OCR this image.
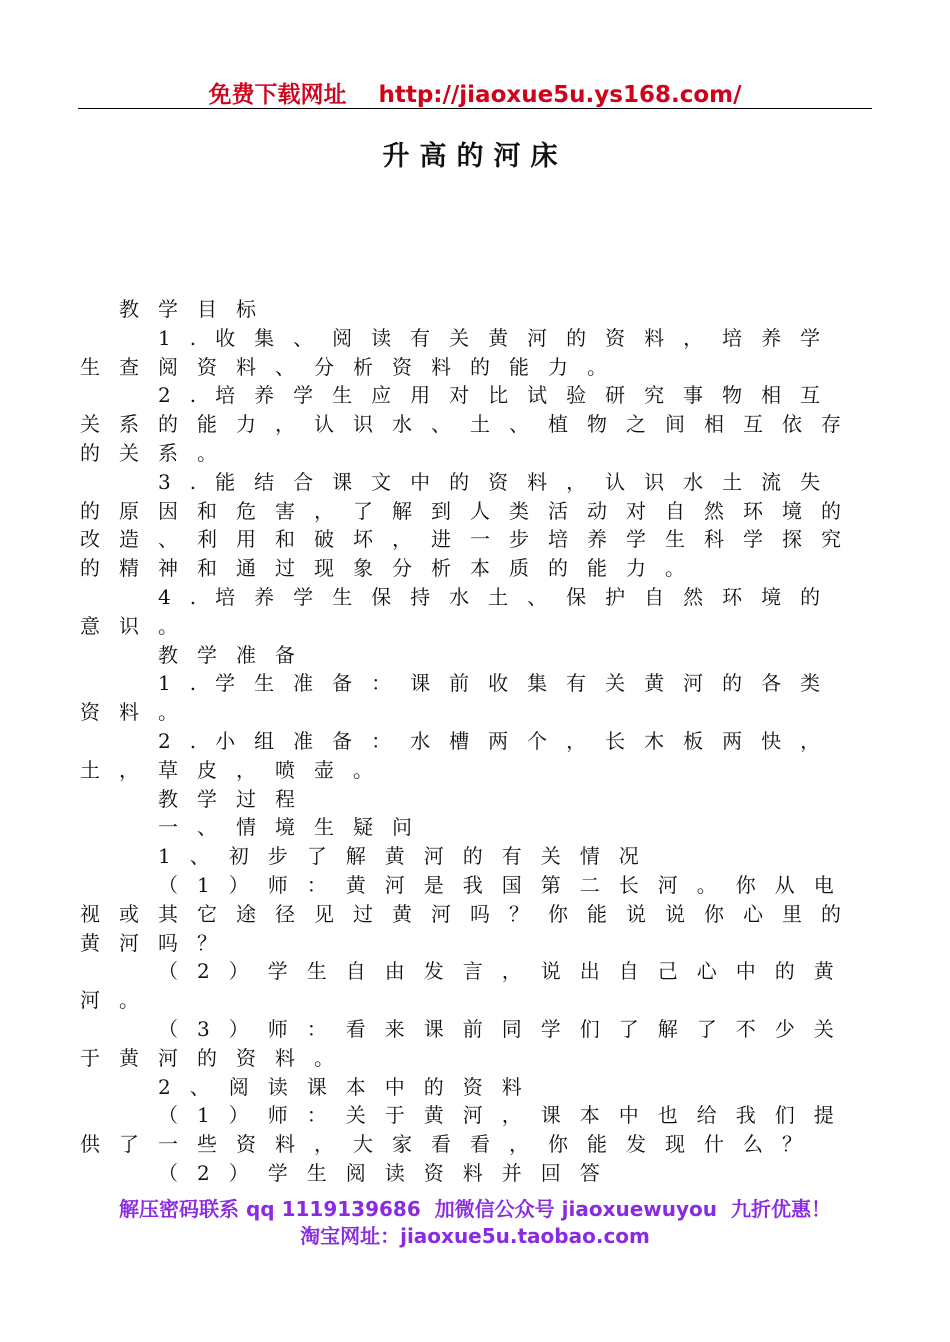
免费下载网址 http://jiaoxue5u.ys168.com/
升高的河床

教学目标

1.收集、阅读有关黄河的资料，培养学生查阅资料、分析资料的能力。

2.培养学生应用对比试验研究事物相互关系的能力，认识水、土、植物之间相互依存的关系。

3.能结合课文中的资料，认识水土流失的原因和危害，了解到人类活动对自然环境的改造、利用和破坏，进一步培养学生科学探究的精神和通过现象分析本质的能力。

4.培养学生保持水土、保护自然环境的意识。

教学准备

1.学生准备：课前收集有关黄河的各类资料。

2.小组准备：水槽两个，长木板两快，土，草皮，喷壶。

教学过程

一、情境生疑问

1、初步了解黄河的有关情况

（1）师：黄河是我国第二长河。你从电视或其它途径见过黄河吗？你能说说你心里的黄河吗？

（2）学生自由发言，说出自己心中的黄河。

（3）师：看来课前同学们了解了不少关于黄河的资料。

2、阅读课本中的资料

（1）师：关于黄河，课本中也给我们提供了一些资料，大家看看，你能发现什么？

（2）学生阅读资料并回答

解压密码联系 qq 1119139686 加微信公众号 jiaoxuewuyou 九折优惠！
淘宝网址：jiaoxue5u.taobao.com
